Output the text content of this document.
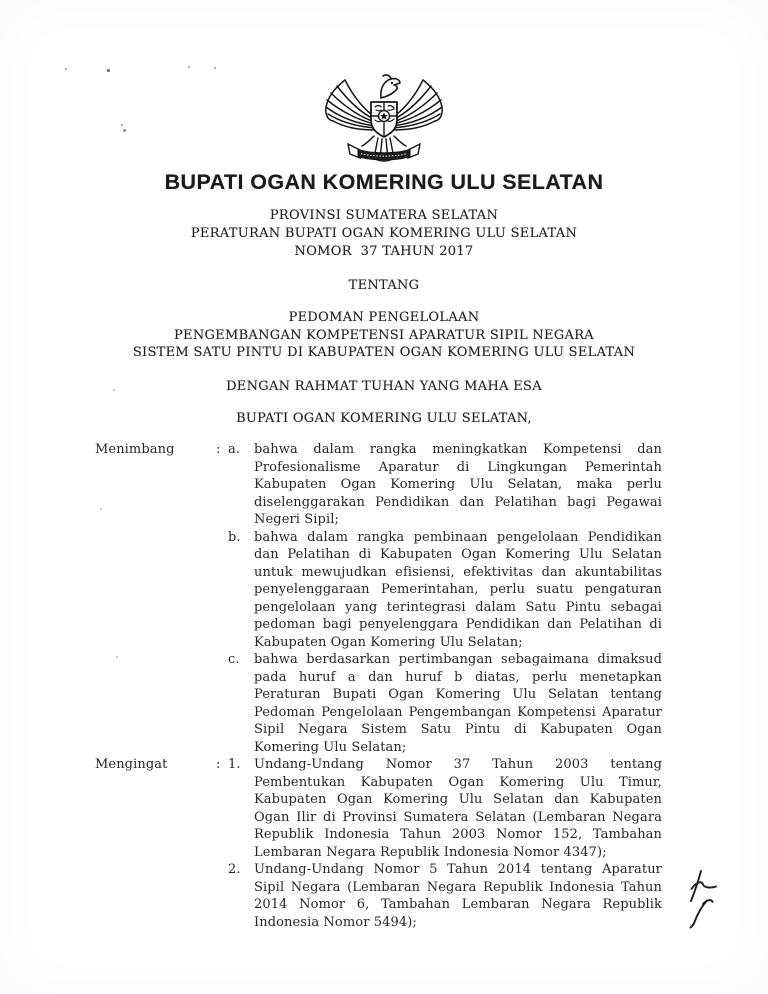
BUPATI OGAN KOMERING ULU SELATAN
PROVINSI SUMATERA SELATAN
PERATURAN BUPATI OGAN KOMERING ULU SELATAN
NOMOR  37 TAHUN 2017
TENTANG
PEDOMAN PENGELOLAAN
PENGEMBANGAN KOMPETENSI APARATUR SIPIL NEGARA
SISTEM SATU PINTU DI KABUPATEN OGAN KOMERING ULU SELATAN
DENGAN RAHMAT TUHAN YANG MAHA ESA
BUPATI OGAN KOMERING ULU SELATAN,
Menimbang	: a.	bahwa dalam rangka meningkatkan Kompetensi dan Profesionalisme Aparatur di Lingkungan Pemerintah Kabupaten Ogan Komering Ulu Selatan, maka perlu diselenggarakan Pendidikan dan Pelatihan bagi Pegawai Negeri Sipil;
b.	bahwa dalam rangka pembinaan pengelolaan Pendidikan dan Pelatihan di Kabupaten Ogan Komering Ulu Selatan untuk mewujudkan efisiensi, efektivitas dan akuntabilitas penyelenggaraan Pemerintahan, perlu suatu pengaturan pengelolaan yang terintegrasi dalam Satu Pintu sebagai pedoman bagi penyelenggara Pendidikan dan Pelatihan di Kabupaten Ogan Komering Ulu Selatan;
c.	bahwa berdasarkan pertimbangan sebagaimana dimaksud pada huruf a dan huruf b diatas, perlu menetapkan Peraturan Bupati Ogan Komering Ulu Selatan tentang Pedoman Pengelolaan Pengembangan Kompetensi Aparatur Sipil Negara Sistem Satu Pintu di Kabupaten Ogan Komering Ulu Selatan;
Mengingat	: 1.	Undang-Undang Nomor 37 Tahun 2003 tentang Pembentukan Kabupaten Ogan Komering Ulu Timur, Kabupaten Ogan Komering Ulu Selatan dan Kabupaten Ogan Ilir di Provinsi Sumatera Selatan (Lembaran Negara Republik Indonesia Tahun 2003 Nomor 152, Tambahan Lembaran Negara Republik Indonesia Nomor 4347);
2.	Undang-Undang Nomor 5 Tahun 2014 tentang Aparatur Sipil Negara (Lembaran Negara Republik Indonesia Tahun 2014 Nomor 6, Tambahan Lembaran Negara Republik Indonesia Nomor 5494);
